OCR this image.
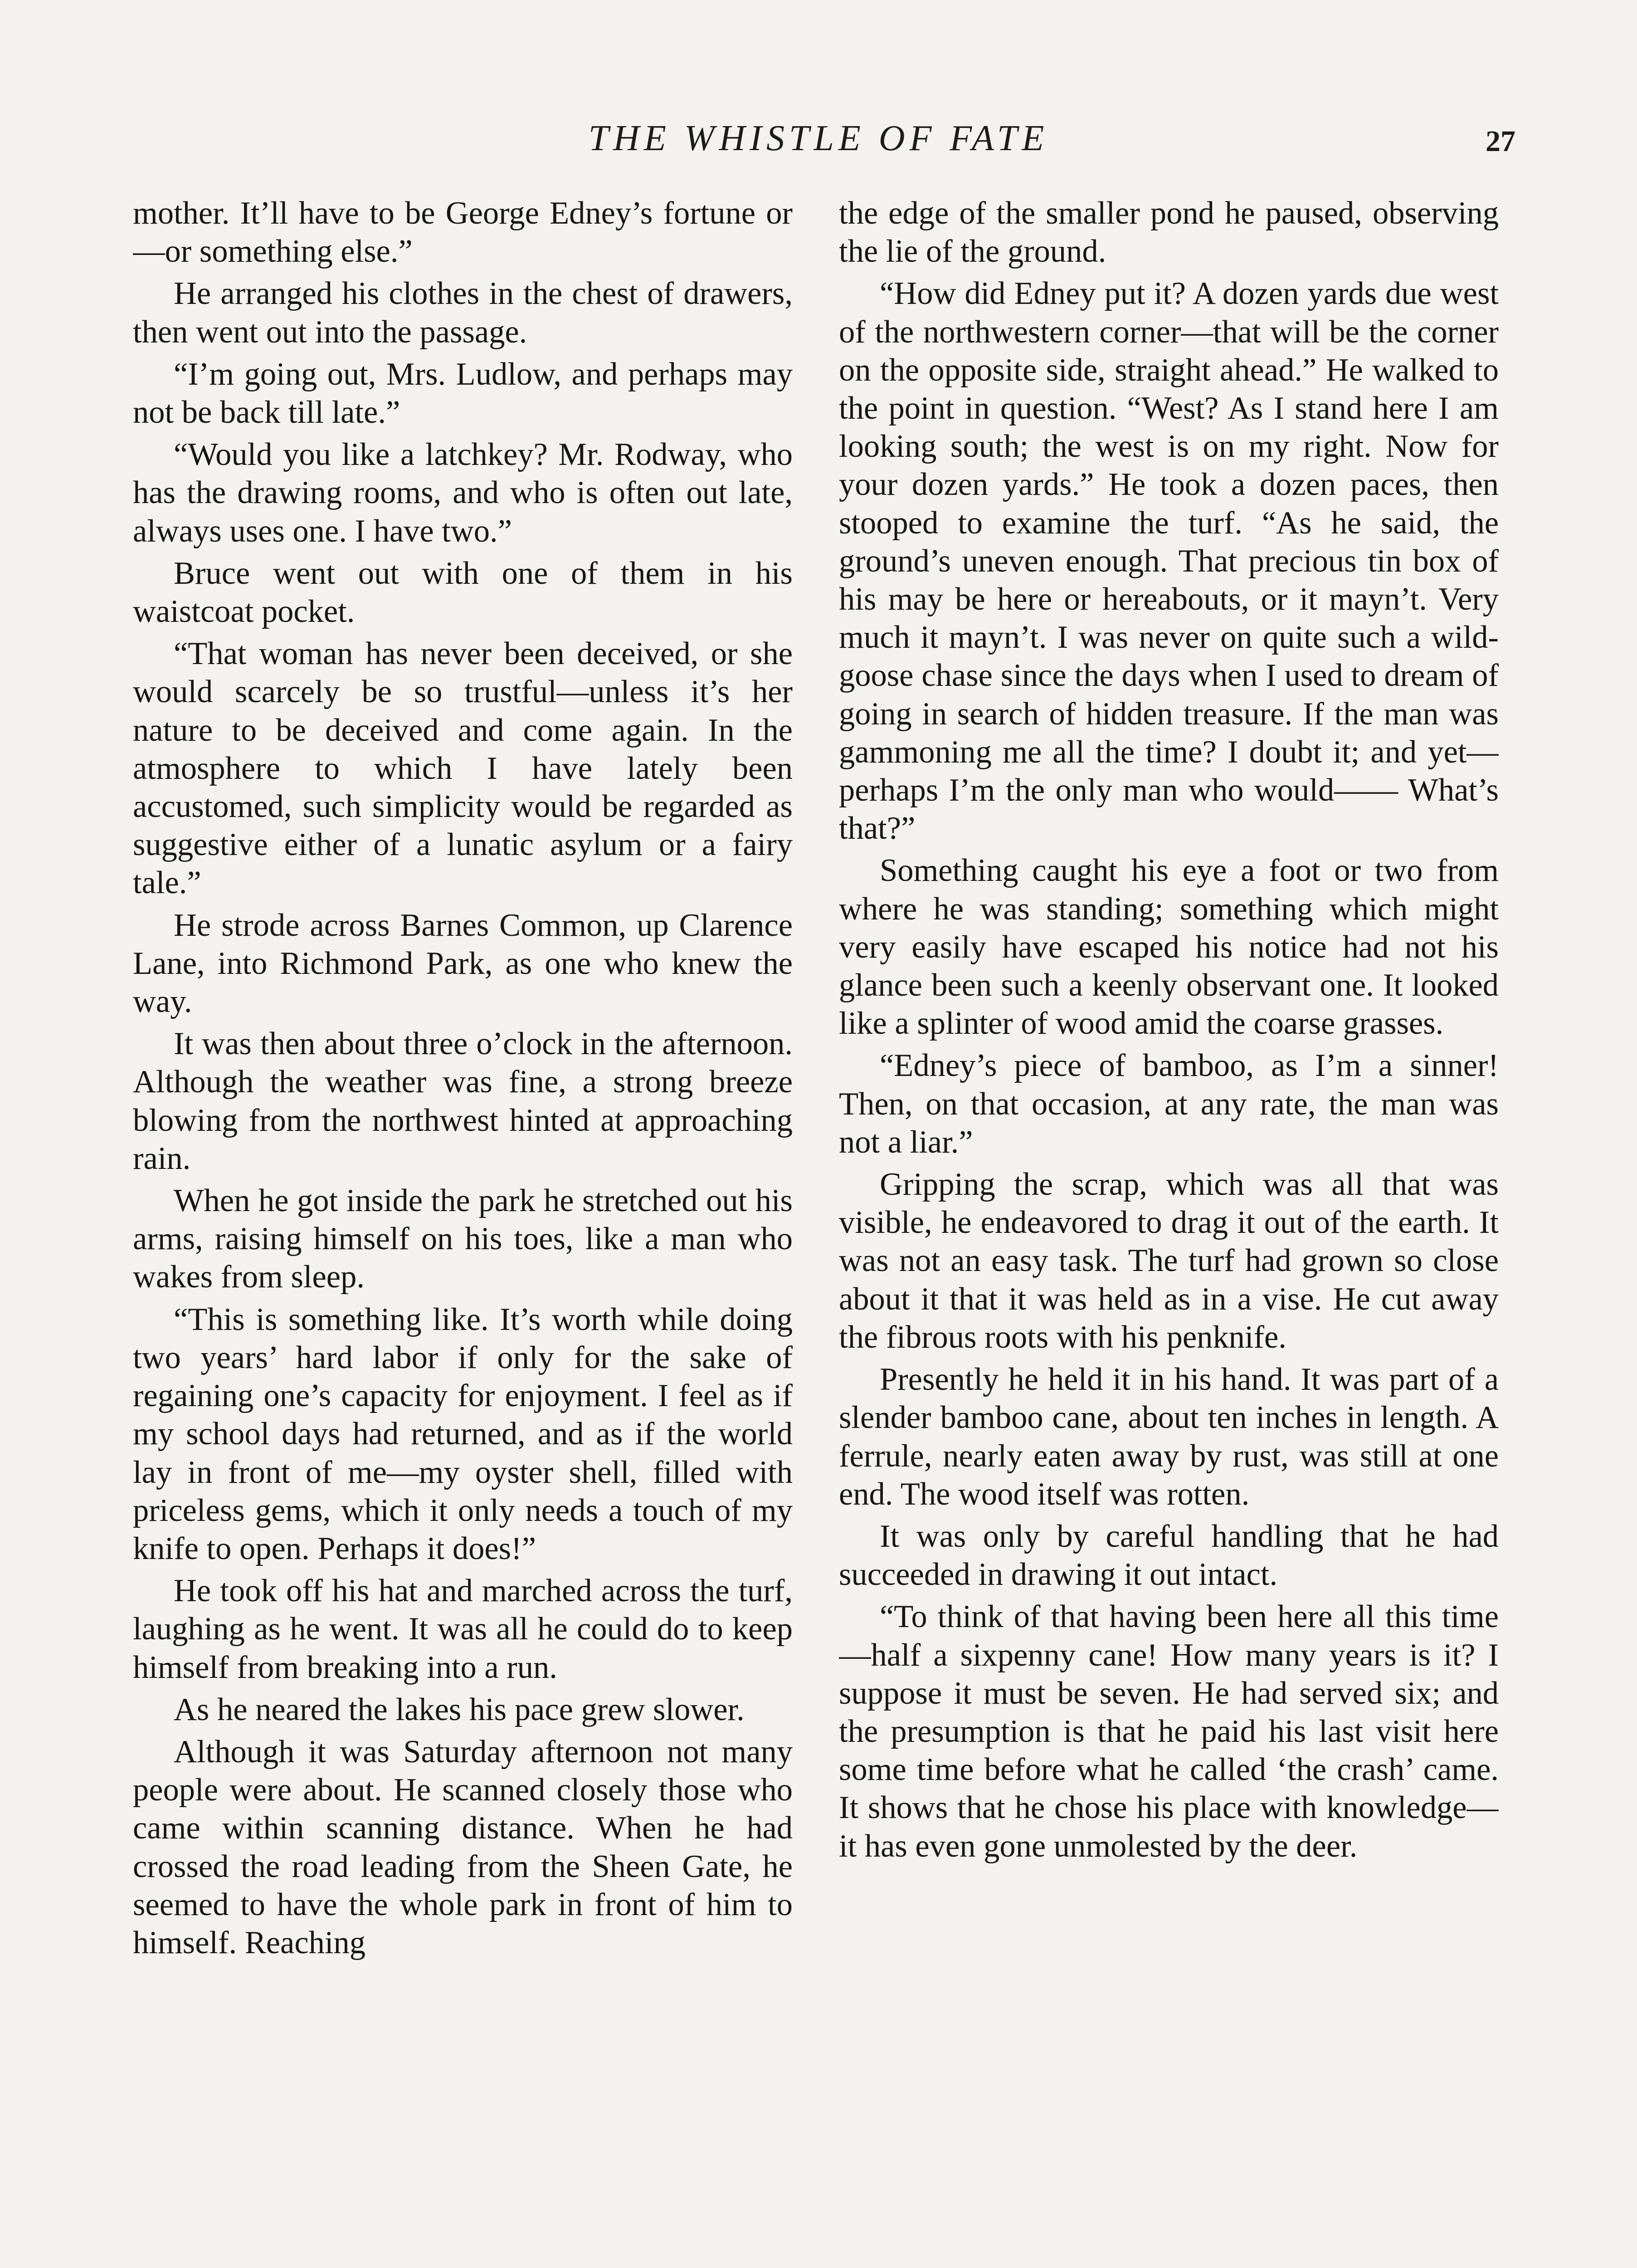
THE WHISTLE OF FATE	27

mother. It’ll have to be George Edney’s fortune or—or something else.”

He arranged his clothes in the chest of drawers, then went out into the passage.

“I’m going out, Mrs. Ludlow, and perhaps may not be back till late.”

“Would you like a latchkey? Mr. Rodway, who has the drawing rooms, and who is often out late, always uses one. I have two.”

Bruce went out with one of them in his waistcoat pocket.

“That woman has never been deceived, or she would scarcely be so trustful—unless it’s her nature to be deceived and come again. In the atmosphere to which I have lately been accustomed, such simplicity would be regarded as suggestive either of a lunatic asylum or a fairy tale.”

He strode across Barnes Common, up Clarence Lane, into Richmond Park, as one who knew the way.

It was then about three o’clock in the afternoon. Although the weather was fine, a strong breeze blowing from the northwest hinted at approaching rain.

When he got inside the park he stretched out his arms, raising himself on his toes, like a man who wakes from sleep.

“This is something like. It’s worth while doing two years’ hard labor if only for the sake of regaining one’s capacity for enjoyment. I feel as if my school days had returned, and as if the world lay in front of me—my oyster shell, filled with priceless gems, which it only needs a touch of my knife to open. Perhaps it does!”

He took off his hat and marched across the turf, laughing as he went. It was all he could do to keep himself from breaking into a run.

As he neared the lakes his pace grew slower.

Although it was Saturday afternoon not many people were about. He scanned closely those who came within scanning distance. When he had crossed the road leading from the Sheen Gate, he seemed to have the whole park in front of him to himself. Reaching

the edge of the smaller pond he paused, observing the lie of the ground.

“How did Edney put it? A dozen yards due west of the northwestern corner—that will be the corner on the opposite side, straight ahead.” He walked to the point in question. “West? As I stand here I am looking south; the west is on my right. Now for your dozen yards.” He took a dozen paces, then stooped to examine the turf. “As he said, the ground’s uneven enough. That precious tin box of his may be here or hereabouts, or it mayn’t. Very much it mayn’t. I was never on quite such a wild-goose chase since the days when I used to dream of going in search of hidden treasure. If the man was gammoning me all the time? I doubt it; and yet—perhaps I’m the only man who would—— What’s that?”

Something caught his eye a foot or two from where he was standing; something which might very easily have escaped his notice had not his glance been such a keenly observant one. It looked like a splinter of wood amid the coarse grasses.

“Edney’s piece of bamboo, as I’m a sinner! Then, on that occasion, at any rate, the man was not a liar.”

Gripping the scrap, which was all that was visible, he endeavored to drag it out of the earth. It was not an easy task. The turf had grown so close about it that it was held as in a vise. He cut away the fibrous roots with his penknife.

Presently he held it in his hand. It was part of a slender bamboo cane, about ten inches in length. A ferrule, nearly eaten away by rust, was still at one end. The wood itself was rotten.

It was only by careful handling that he had succeeded in drawing it out intact.

“To think of that having been here all this time—half a sixpenny cane! How many years is it? I suppose it must be seven. He had served six; and the presumption is that he paid his last visit here some time before what he called ‘the crash’ came. It shows that he chose his place with knowledge—it has even gone unmolested by the deer.
